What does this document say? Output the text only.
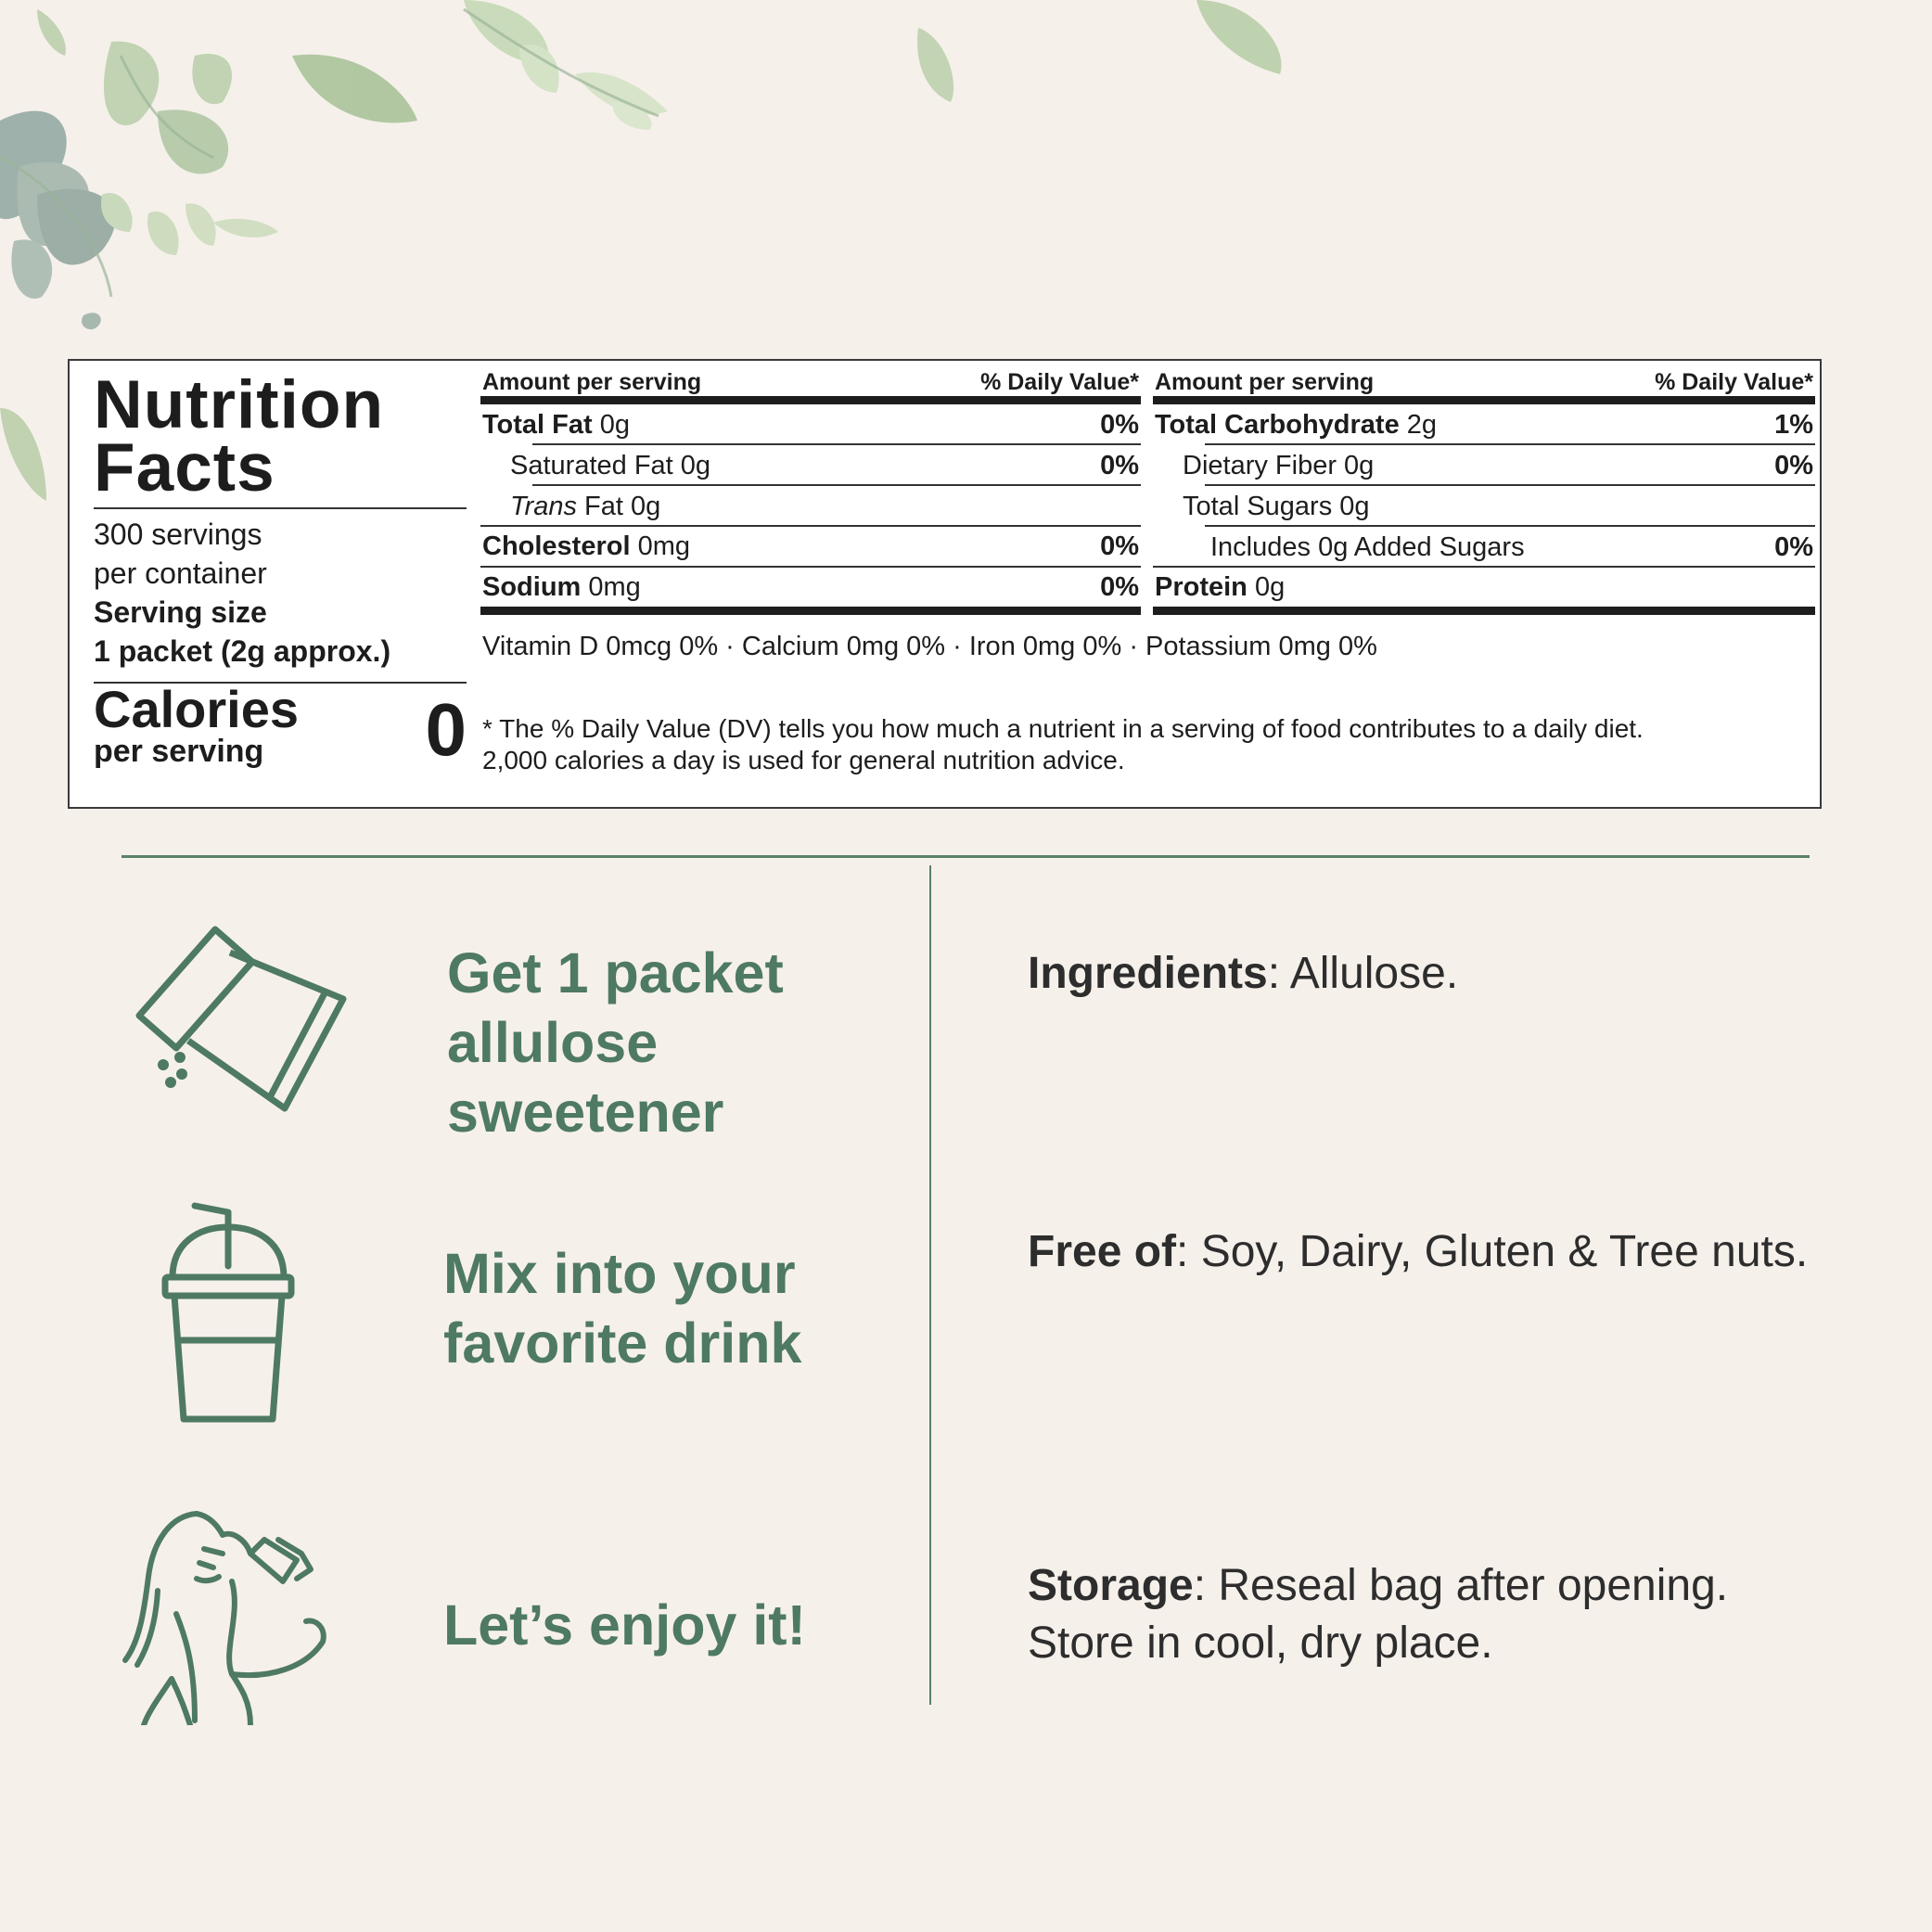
Nutrition
Facts
300 servings
per container
Serving size
1 packet (2g approx.)
Calories
per serving 0
Amount per serving	% Daily Value*
Total Fat 0g	0%
Saturated Fat 0g	0%
Trans Fat 0g
Cholesterol 0mg	0%
Sodium 0mg	0%
Amount per serving	% Daily Value*
Total Carbohydrate 2g	1%
Dietary Fiber 0g	0%
Total Sugars 0g
Includes 0g Added Sugars	0%
Protein 0g
Vitamin D 0mcg 0% · Calcium 0mg 0% · Iron 0mg 0% · Potassium 0mg 0%
* The % Daily Value (DV) tells you how much a nutrient in a serving of food contributes to a daily diet.
2,000 calories a day is used for general nutrition advice.
Get 1 packet
allulose
sweetener
Mix into your
favorite drink
Let’s enjoy it!

Ingredients: Allulose.

Free of: Soy, Dairy, Gluten & Tree nuts.

Storage: Reseal bag after opening. Store in cool, dry place.
